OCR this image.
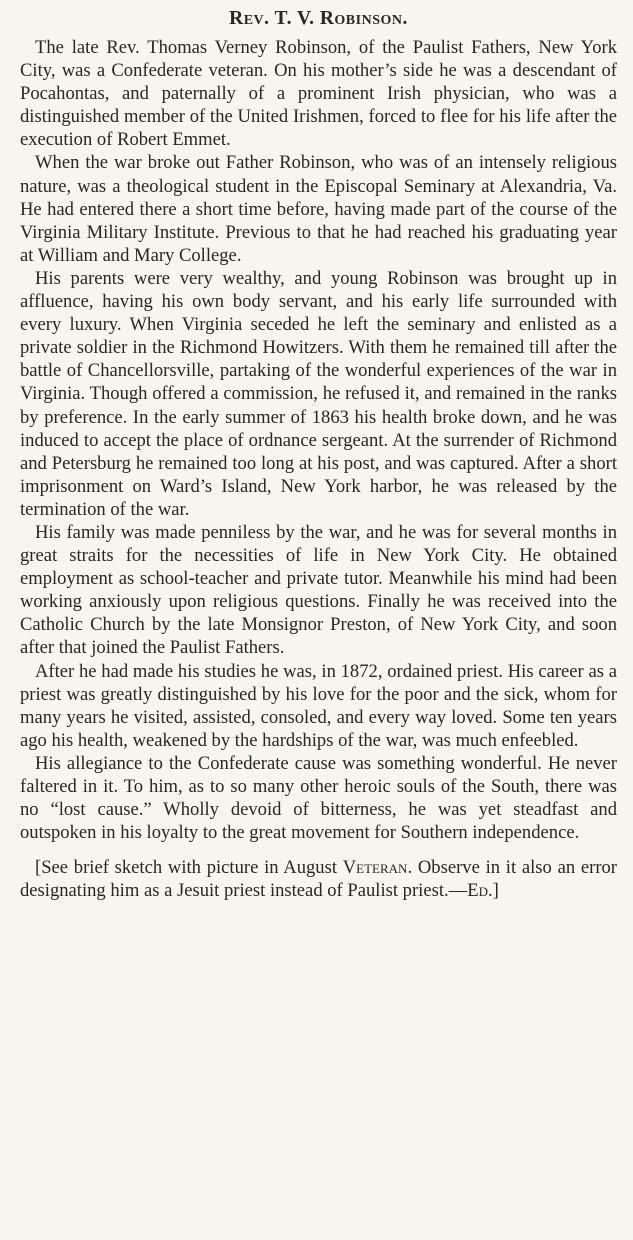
Rev. T. V. Robinson.

The late Rev. Thomas Verney Robinson, of the Paulist Fathers, New York City, was a Confederate veteran. On his mother’s side he was a descendant of Pocahontas, and paternally of a prominent Irish physician, who was a distinguished member of the United Irishmen, forced to flee for his life after the execution of Robert Emmet.

When the war broke out Father Robinson, who was of an intensely religious nature, was a theological student in the Episcopal Seminary at Alexandria, Va. He had entered there a short time before, having made part of the course of the Virginia Military Institute. Previous to that he had reached his graduating year at William and Mary College.

His parents were very wealthy, and young Robinson was brought up in affluence, having his own body servant, and his early life surrounded with every luxury. When Virginia seceded he left the seminary and enlisted as a private soldier in the Richmond Howitzers. With them he remained till after the battle of Chancellorsville, partaking of the wonderful experiences of the war in Virginia. Though offered a commission, he refused it, and remained in the ranks by preference. In the early summer of 1863 his health broke down, and he was induced to accept the place of ordnance sergeant. At the surrender of Richmond and Petersburg he remained too long at his post, and was captured. After a short imprisonment on Ward’s Island, New York harbor, he was released by the termination of the war.

His family was made penniless by the war, and he was for several months in great straits for the necessities of life in New York City. He obtained employment as school-teacher and private tutor. Meanwhile his mind had been working anxiously upon religious questions. Finally he was received into the Catholic Church by the late Monsignor Preston, of New York City, and soon after that joined the Paulist Fathers.

After he had made his studies he was, in 1872, ordained priest. His career as a priest was greatly distinguished by his love for the poor and the sick, whom for many years he visited, assisted, consoled, and every way loved. Some ten years ago his health, weakened by the hardships of the war, was much enfeebled.

His allegiance to the Confederate cause was something wonderful. He never faltered in it. To him, as to so many other heroic souls of the South, there was no “lost cause.” Wholly devoid of bitterness, he was yet steadfast and outspoken in his loyalty to the great movement for Southern independence.

[See brief sketch with picture in August Veteran. Observe in it also an error designating him as a Jesuit priest instead of Paulist priest.—Ed.]
